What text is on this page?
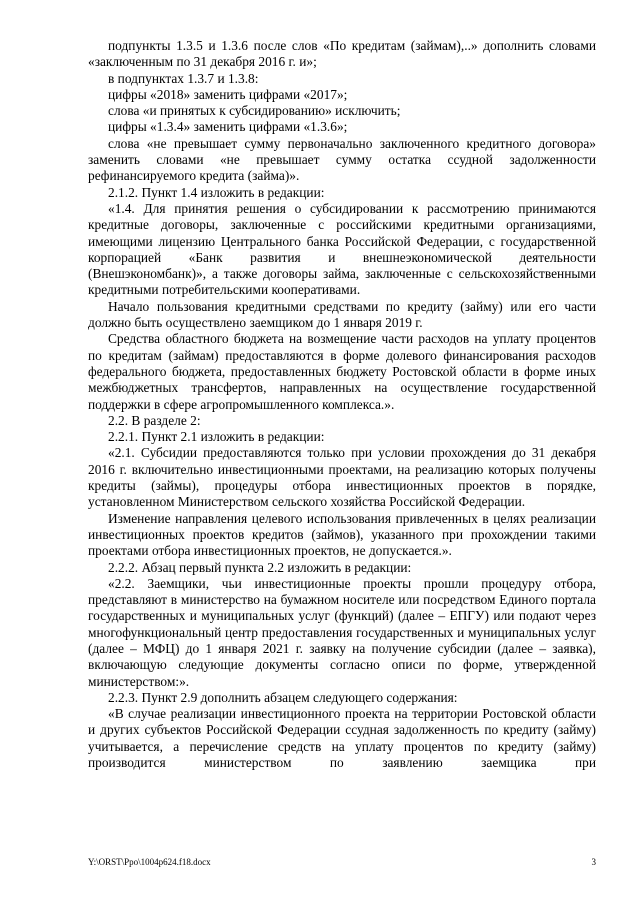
подпункты 1.3.5 и 1.3.6 после слов «По кредитам (займам),..» дополнить словами «заключенным по 31 декабря 2016 г. и»;

в подпунктах 1.3.7 и 1.3.8:

цифры «2018» заменить цифрами «2017»;

слова «и принятых к субсидированию» исключить;

цифры «1.3.4» заменить цифрами «1.3.6»;

слова «не превышает сумму первоначально заключенного кредитного договора» заменить словами «не превышает сумму остатка ссудной задолженности рефинансируемого кредита (займа)».

2.1.2. Пункт 1.4 изложить в редакции:

«1.4. Для принятия решения о субсидировании к рассмотрению принимаются кредитные договоры, заключенные с российскими кредитными организациями, имеющими лицензию Центрального банка Российской Федерации, с государственной корпорацией «Банк развития и внешнеэкономической деятельности (Внешэкономбанк)», а также договоры займа, заключенные с сельскохозяйственными кредитными потребительскими кооперативами.

Начало пользования кредитными средствами по кредиту (займу) или его части должно быть осуществлено заемщиком до 1 января 2019 г.

Средства областного бюджета на возмещение части расходов на уплату процентов по кредитам (займам) предоставляются в форме долевого финансирования расходов федерального бюджета, предоставленных бюджету Ростовской области в форме иных межбюджетных трансфертов, направленных на осуществление государственной поддержки в сфере агропромышленного комплекса.».

2.2. В разделе 2:

2.2.1. Пункт 2.1 изложить в редакции:

«2.1. Субсидии предоставляются только при условии прохождения до 31 декабря 2016 г. включительно инвестиционными проектами, на реализацию которых получены кредиты (займы), процедуры отбора инвестиционных проектов в порядке, установленном Министерством сельского хозяйства Российской Федерации.

Изменение направления целевого использования привлеченных в целях реализации инвестиционных проектов кредитов (займов), указанного при прохождении такими проектами отбора инвестиционных проектов, не допускается.».

2.2.2. Абзац первый пункта 2.2 изложить в редакции:

«2.2. Заемщики, чьи инвестиционные проекты прошли процедуру отбора, представляют в министерство на бумажном носителе или посредством Единого портала государственных и муниципальных услуг (функций) (далее – ЕПГУ) или подают через многофункциональный центр предоставления государственных и муниципальных услуг (далее – МФЦ) до 1 января 2021 г. заявку на получение субсидии (далее – заявка), включающую следующие документы согласно описи по форме, утвержденной министерством:».

2.2.3. Пункт 2.9 дополнить абзацем следующего содержания:

«В случае реализации инвестиционного проекта на территории Ростовской области и других субъектов Российской Федерации ссудная задолженность по кредиту (займу) учитывается, а перечисление средств на уплату процентов по кредиту (займу) производится министерством по заявлению заемщика при

Y:\ORST\Ppo\1004p624.f18.docx	3
